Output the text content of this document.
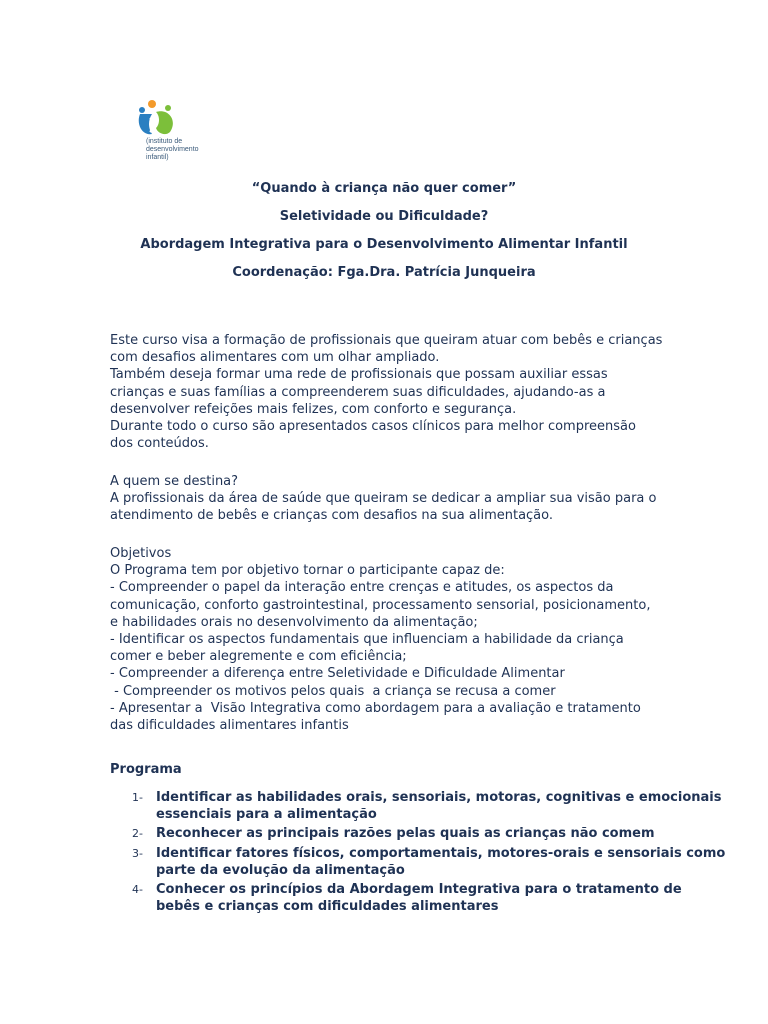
(instituto de
desenvolvimento
infantil)
“Quando à criança não quer comer”
Seletividade ou Dificuldade?
Abordagem Integrativa para o Desenvolvimento Alimentar Infantil
Coordenação: Fga.Dra. Patrícia Junqueira
Este curso visa a formação de profissionais que queiram atuar com bebês e crianças
com desafios alimentares com um olhar ampliado.
Também deseja formar uma rede de profissionais que possam auxiliar essas
crianças e suas famílias a compreenderem suas dificuldades, ajudando-as a
desenvolver refeições mais felizes, com conforto e segurança.
Durante todo o curso são apresentados casos clínicos para melhor compreensão
dos conteúdos.
A quem se destina?
A profissionais da área de saúde que queiram se dedicar a ampliar sua visão para o
atendimento de bebês e crianças com desafios na sua alimentação.
Objetivos
O Programa tem por objetivo tornar o participante capaz de:
- Compreender o papel da interação entre crenças e atitudes, os aspectos da
comunicação, conforto gastrointestinal, processamento sensorial, posicionamento,
e habilidades orais no desenvolvimento da alimentação;
- Identificar os aspectos fundamentais que influenciam a habilidade da criança
comer e beber alegremente e com eficiência;
- Compreender a diferença entre Seletividade e Dificuldade Alimentar
- Compreender os motivos pelos quais  a criança se recusa a comer
- Apresentar a  Visão Integrativa como abordagem para a avaliação e tratamento
das dificuldades alimentares infantis
Programa
1- Identificar as habilidades orais, sensoriais, motoras, cognitivas e emocionais
essenciais para a alimentação
2- Reconhecer as principais razões pelas quais as crianças não comem
3- Identificar fatores físicos, comportamentais, motores-orais e sensoriais como
parte da evolução da alimentação
4- Conhecer os princípios da Abordagem Integrativa para o tratamento de
bebês e crianças com dificuldades alimentares
